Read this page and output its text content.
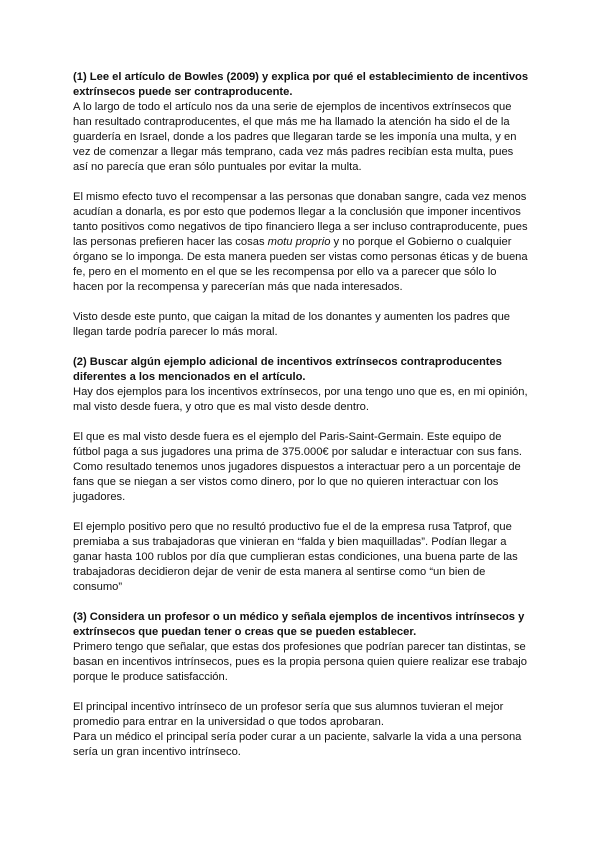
(1) Lee el artículo de Bowles (2009) y explica por qué el establecimiento de incentivos extrínsecos puede ser contraproducente.

A lo largo de todo el artículo nos da una serie de ejemplos de incentivos extrínsecos que han resultado contraproducentes, el que más me ha llamado la atención ha sido el de la guardería en Israel, donde a los padres que llegaran tarde se les imponía una multa, y en vez de comenzar a llegar más temprano, cada vez más padres recibían esta multa, pues así no parecía que eran sólo puntuales por evitar la multa.

El mismo efecto tuvo el recompensar a las personas que donaban sangre, cada vez menos acudían a donarla, es por esto que podemos llegar a la conclusión que imponer incentivos tanto positivos como negativos de tipo financiero llega a ser incluso contraproducente, pues las personas prefieren hacer las cosas motu proprio y no porque el Gobierno o cualquier órgano se lo imponga. De esta manera pueden ser vistas como personas éticas y de buena fe, pero en el momento en el que se les recompensa por ello va a parecer que sólo lo hacen por la recompensa y parecerían más que nada interesados.

Visto desde este punto, que caigan la mitad de los donantes y aumenten los padres que llegan tarde podría parecer lo más moral.

(2) Buscar algún ejemplo adicional de incentivos extrínsecos contraproducentes diferentes a los mencionados en el artículo.

Hay dos ejemplos para los incentivos extrínsecos, por una tengo uno que es, en mi opinión, mal visto desde fuera, y otro que es mal visto desde dentro.

El que es mal visto desde fuera es el ejemplo del Paris-Saint-Germain. Este equipo de fútbol paga a sus jugadores una prima de 375.000€ por saludar e interactuar con sus fans. Como resultado tenemos unos jugadores dispuestos a interactuar pero a un porcentaje de fans que se niegan a ser vistos como dinero, por lo que no quieren interactuar con los jugadores.

El ejemplo positivo pero que no resultó productivo fue el de la empresa rusa Tatprof, que premiaba a sus trabajadoras que vinieran en “falda y bien maquilladas”. Podían llegar a ganar hasta 100 rublos por día que cumplieran estas condiciones, una buena parte de las trabajadoras decidieron dejar de venir de esta manera al sentirse como “un bien de consumo”

(3) Considera un profesor o un médico y señala ejemplos de incentivos intrínsecos y extrínsecos que puedan tener o creas que se pueden establecer.

Primero tengo que señalar, que estas dos profesiones que podrían parecer tan distintas, se basan en incentivos intrínsecos, pues es la propia persona quien quiere realizar ese trabajo porque le produce satisfacción.

El principal incentivo intrínseco de un profesor sería que sus alumnos tuvieran el mejor promedio para entrar en la universidad o que todos aprobaran.

Para un médico el principal sería poder curar a un paciente, salvarle la vida a una persona sería un gran incentivo intrínseco.
